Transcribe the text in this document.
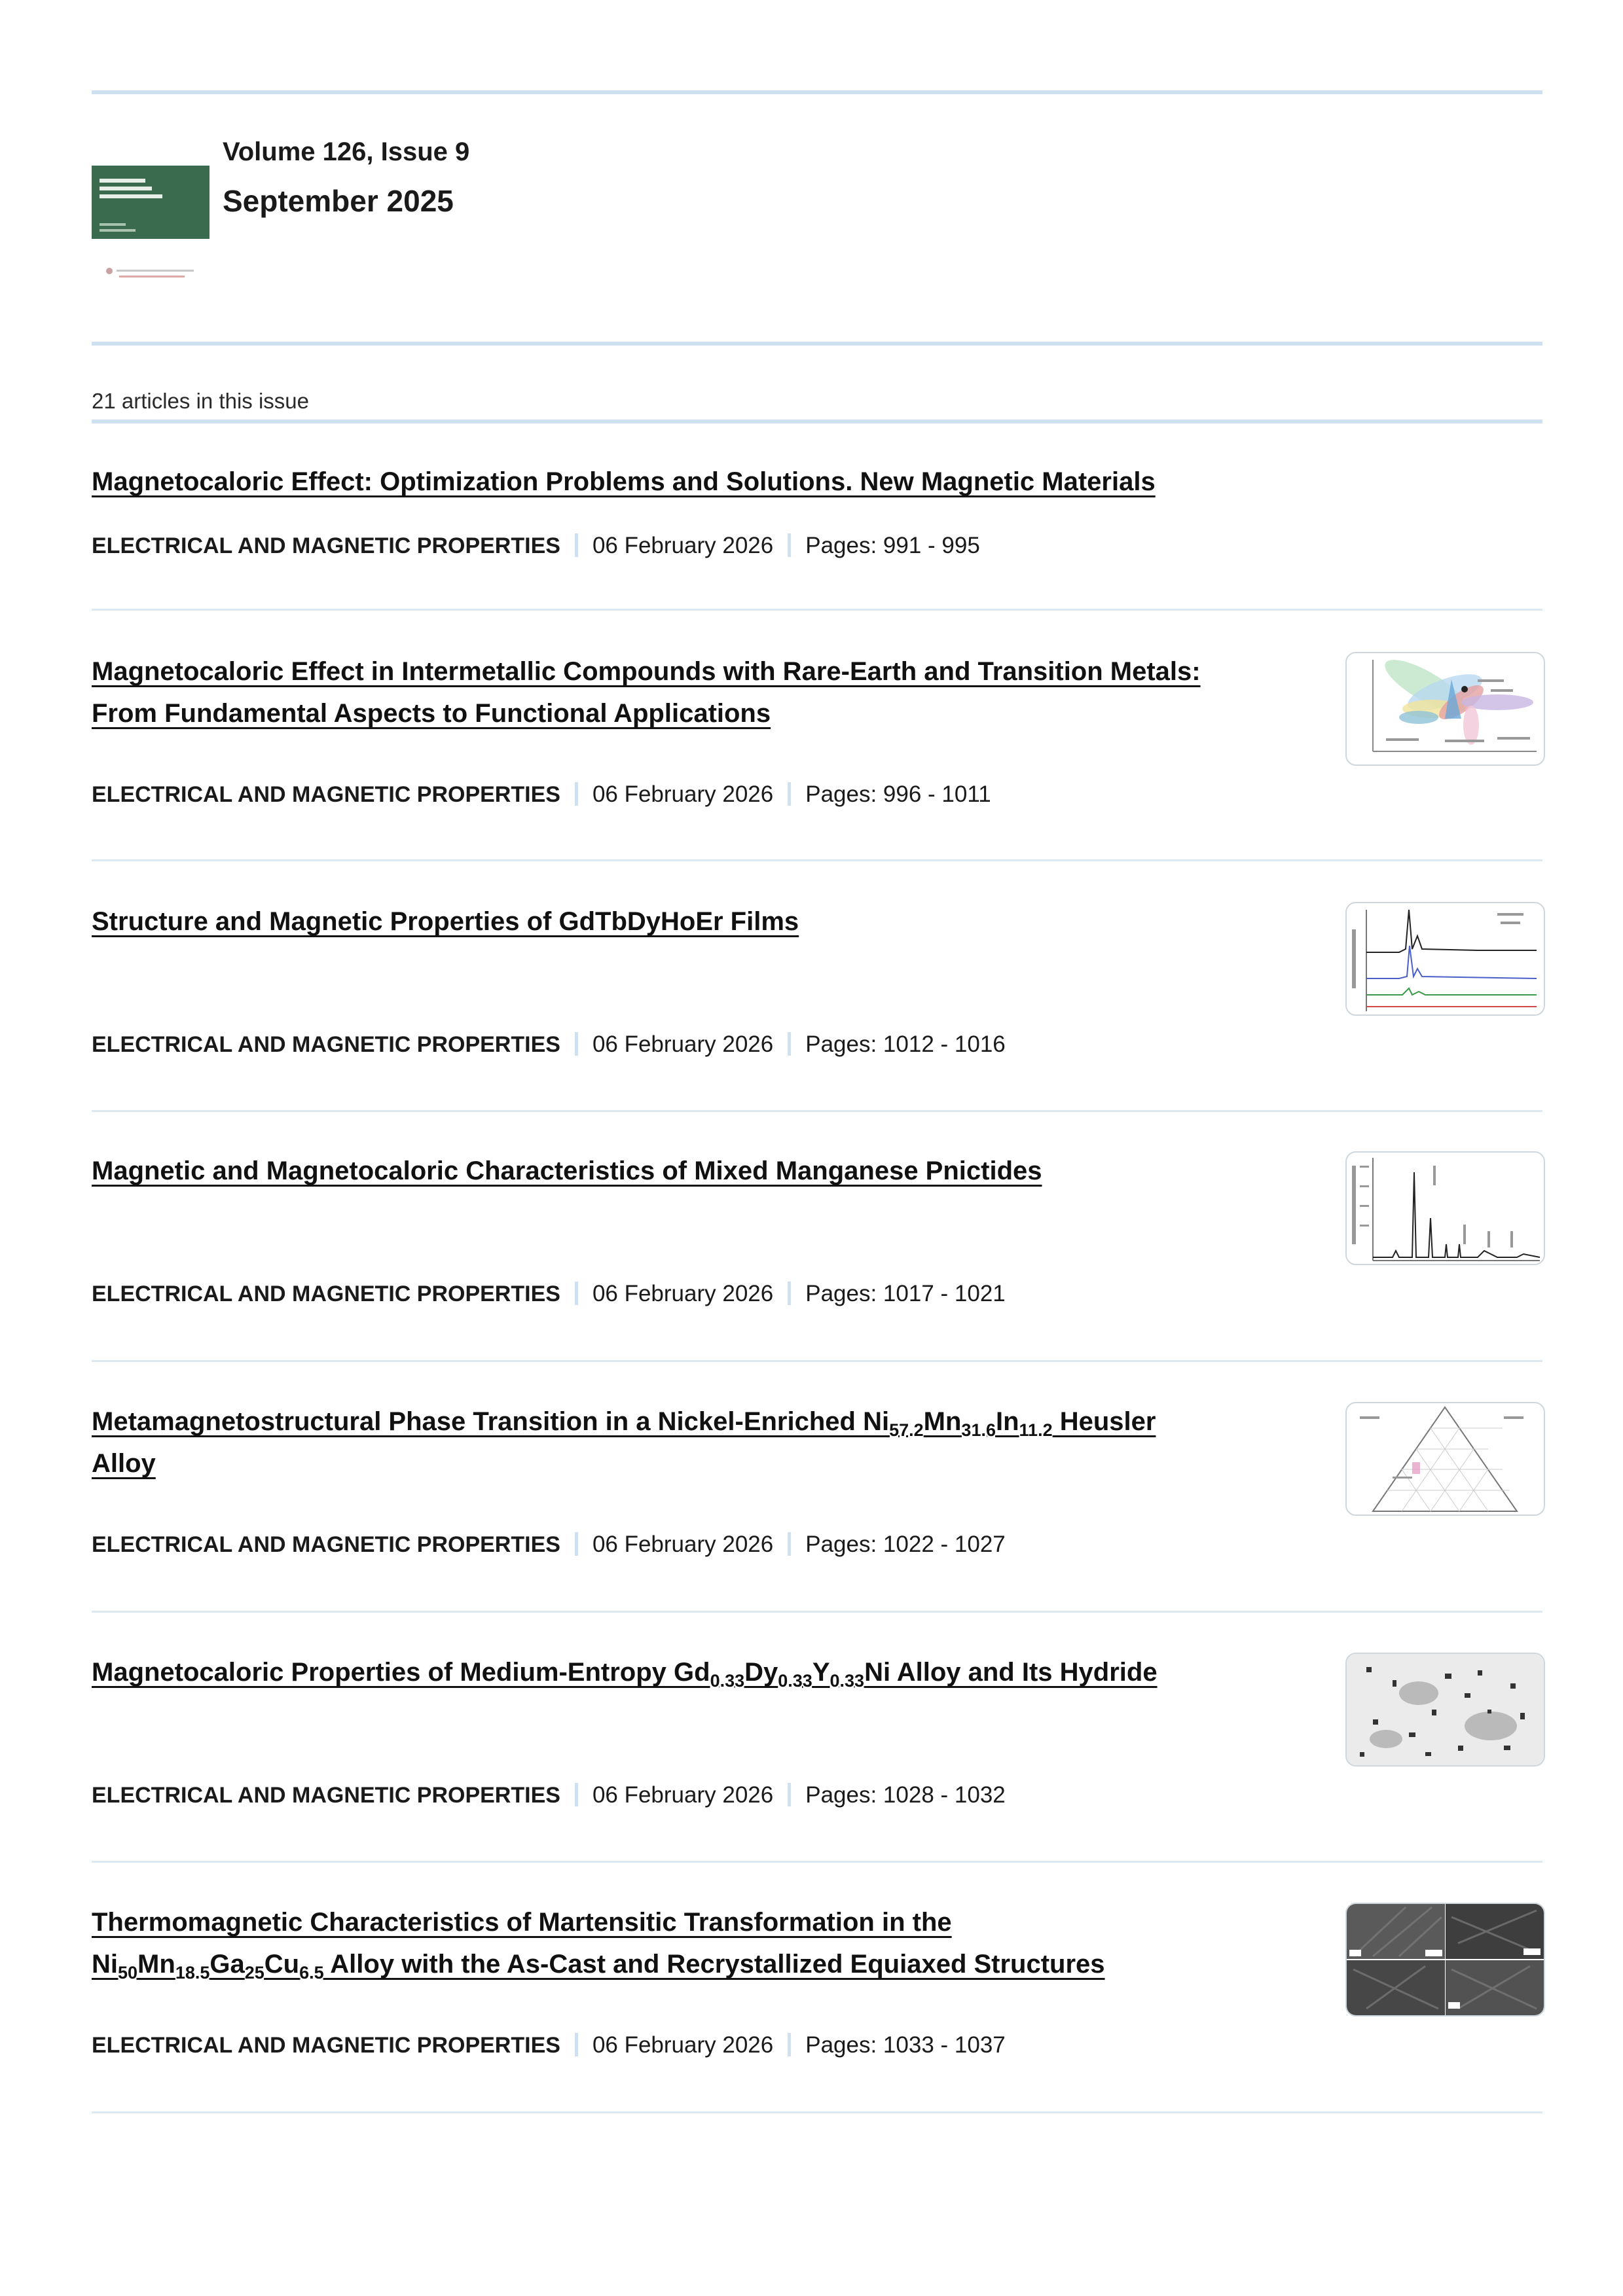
Volume 126, Issue 9
September 2025
21 articles in this issue
Magnetocaloric Effect: Optimization Problems and Solutions. New Magnetic Materials
ELECTRICAL AND MAGNETIC PROPERTIES 06 February 2026 Pages: 991 - 995
Magnetocaloric Effect in Intermetallic Compounds with Rare-Earth and Transition Metals:
From Fundamental Aspects to Functional Applications
ELECTRICAL AND MAGNETIC PROPERTIES 06 February 2026 Pages: 996 - 1011
Structure and Magnetic Properties of GdTbDyHoEr Films
ELECTRICAL AND MAGNETIC PROPERTIES 06 February 2026 Pages: 1012 - 1016
Magnetic and Magnetocaloric Characteristics of Mixed Manganese Pnictides
ELECTRICAL AND MAGNETIC PROPERTIES 06 February 2026 Pages: 1017 - 1021
Metamagnetostructural Phase Transition in a Nickel-Enriched $Ni_{57.2}Mn_{31.6}In_{11.2}$ Heusler
Alloy
ELECTRICAL AND MAGNETIC PROPERTIES 06 February 2026 Pages: 1022 - 1027
Magnetocaloric Properties of Medium-Entropy $Gd_{0.33}Dy_{0.33}Y_{0.33}Ni$ Alloy and Its Hydride
ELECTRICAL AND MAGNETIC PROPERTIES 06 February 2026 Pages: 1028 - 1032
Thermomagnetic Characteristics of Martensitic Transformation in the
$Ni_{50}Mn_{18.5}Ga_{25}Cu_{6.5}$ Alloy with the As-Cast and Recrystallized Equiaxed Structures
ELECTRICAL AND MAGNETIC PROPERTIES 06 February 2026 Pages: 1033 - 1037
